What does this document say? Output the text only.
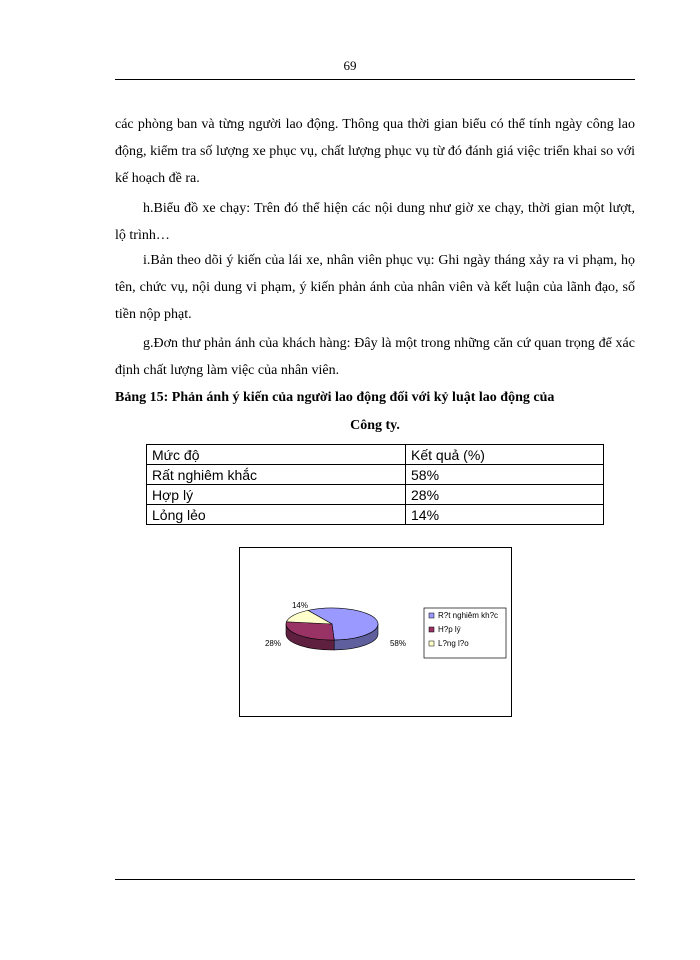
69

các phòng ban và từng người lao động. Thông qua thời gian biểu có thể tính ngày công lao động, kiểm tra số lượng xe phục vụ, chất lượng phục vụ từ đó đánh giá việc triển khai so với kế hoạch đề ra.

h.Biểu đồ xe chạy: Trên đó thể hiện các nội dung như giờ xe chạy, thời gian một lượt, lộ trình…

i.Bản theo dõi ý kiến của lái xe, nhân viên phục vụ: Ghi ngày tháng xảy ra vi phạm, họ tên, chức vụ, nội dung vi phạm, ý kiến phản ánh của nhân viên và kết luận của lãnh đạo, số tiền nộp phạt.

g.Đơn thư phản ánh của khách hàng: Đây là một trong những căn cứ quan trọng để xác định chất lượng làm việc của nhân viên.

Bảng 15: Phản ánh ý kiến của người lao động đối với kỷ luật lao động của

Công ty.

Mức độ	Kết quả (%)
Rất nghiêm khắc	58%
Hợp lý	28%
Lỏng lẻo	14%
58%
28%
14%
R?t nghiêm kh?c
H?p lý
L?ng l?o
